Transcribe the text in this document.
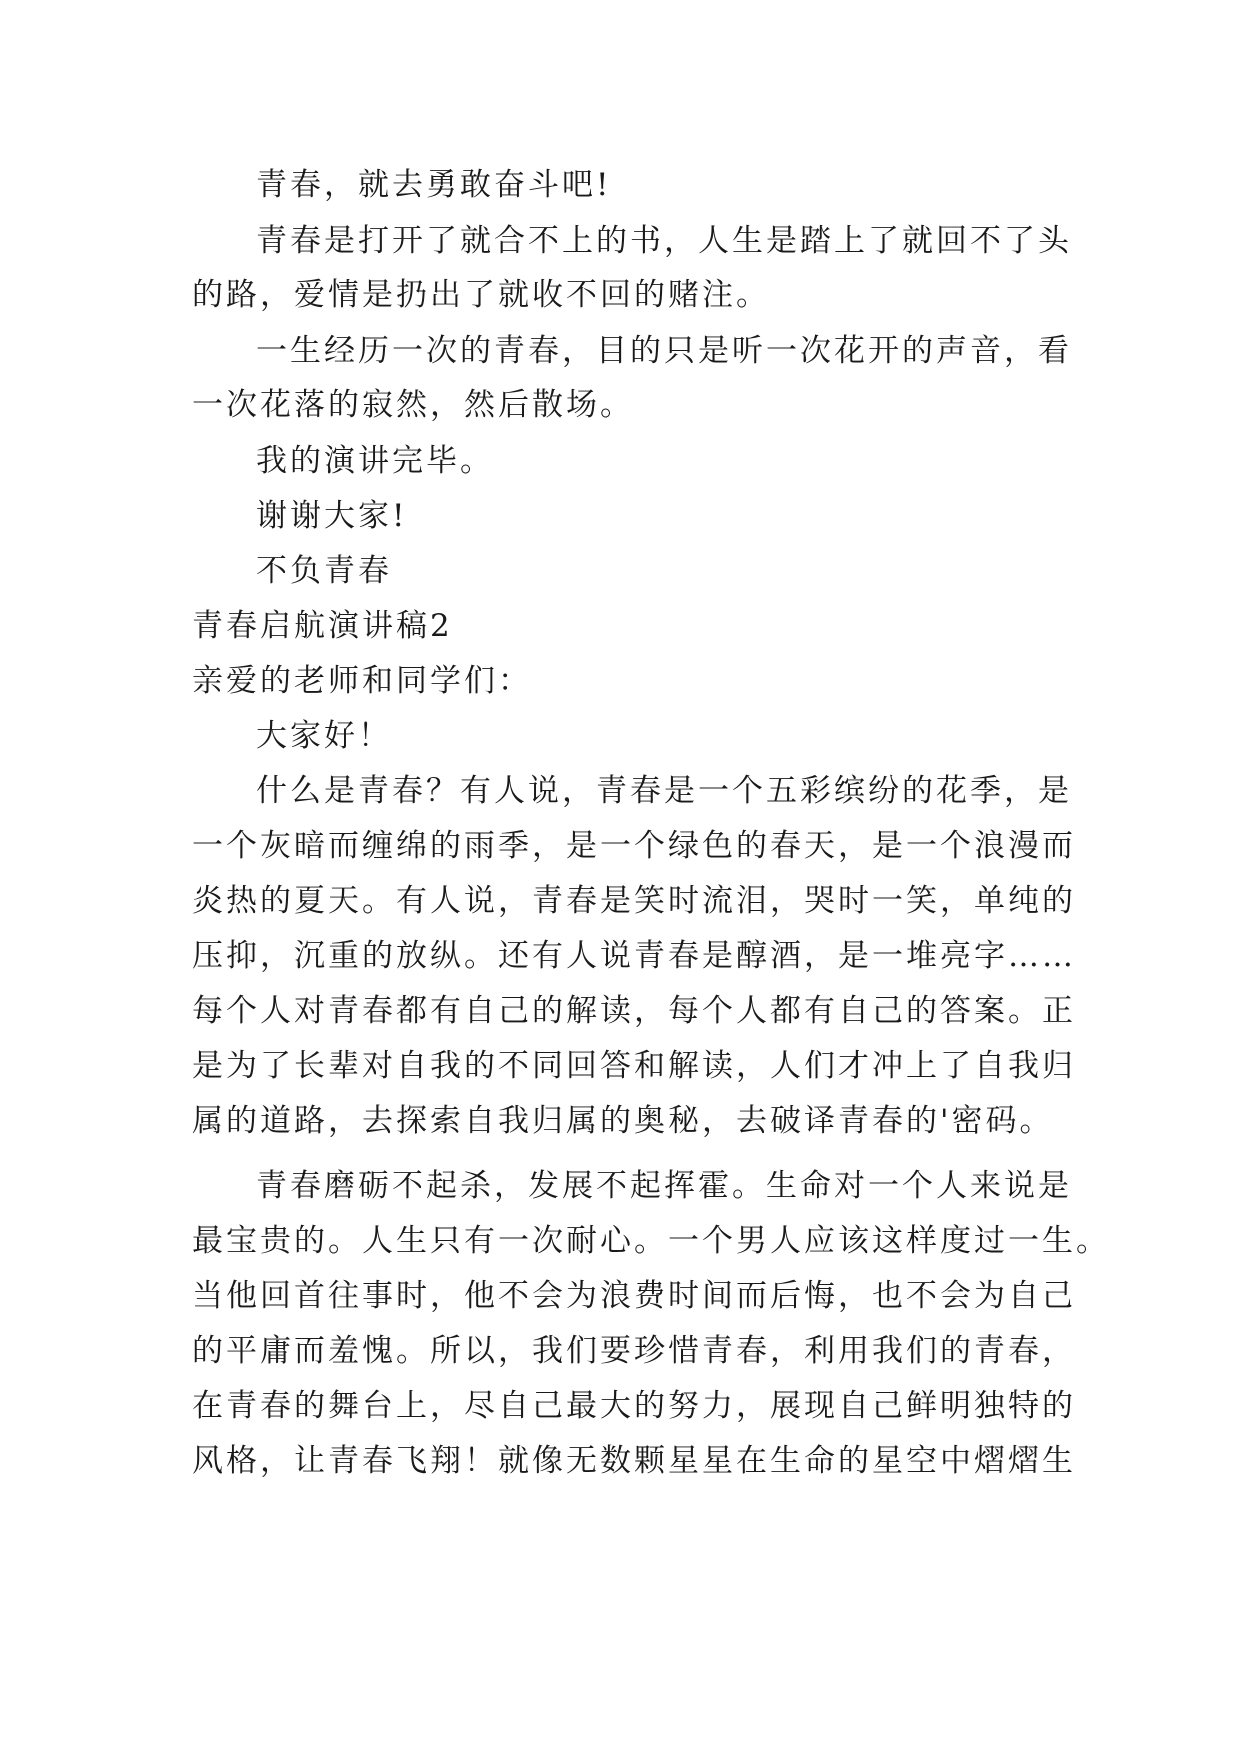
青春，就去勇敢奋斗吧!
青春是打开了就合不上的书，人生是踏上了就回不了头
的路，爱情是扔出了就收不回的赌注。
一生经历一次的青春，目的只是听一次花开的声音，看
一次花落的寂然，然后散场。
我的演讲完毕。
谢谢大家!
不负青春
青春启航演讲稿2
亲爱的老师和同学们：
大家好！
什么是青春？有人说，青春是一个五彩缤纷的花季，是
一个灰暗而缠绵的雨季，是一个绿色的春天，是一个浪漫而
炎热的夏天。有人说，青春是笑时流泪，哭时一笑，单纯的
压抑，沉重的放纵。还有人说青春是醇酒，是一堆亮字……
每个人对青春都有自己的解读，每个人都有自己的答案。正
是为了长辈对自我的不同回答和解读，人们才冲上了自我归
属的道路，去探索自我归属的奥秘，去破译青春的'密码。
青春磨砺不起杀，发展不起挥霍。生命对一个人来说是
最宝贵的。人生只有一次耐心。一个男人应该这样度过一生。
当他回首往事时，他不会为浪费时间而后悔，也不会为自己
的平庸而羞愧。所以，我们要珍惜青春，利用我们的青春，
在青春的舞台上，尽自己最大的努力，展现自己鲜明独特的
风格，让青春飞翔！就像无数颗星星在生命的星空中熠熠生
